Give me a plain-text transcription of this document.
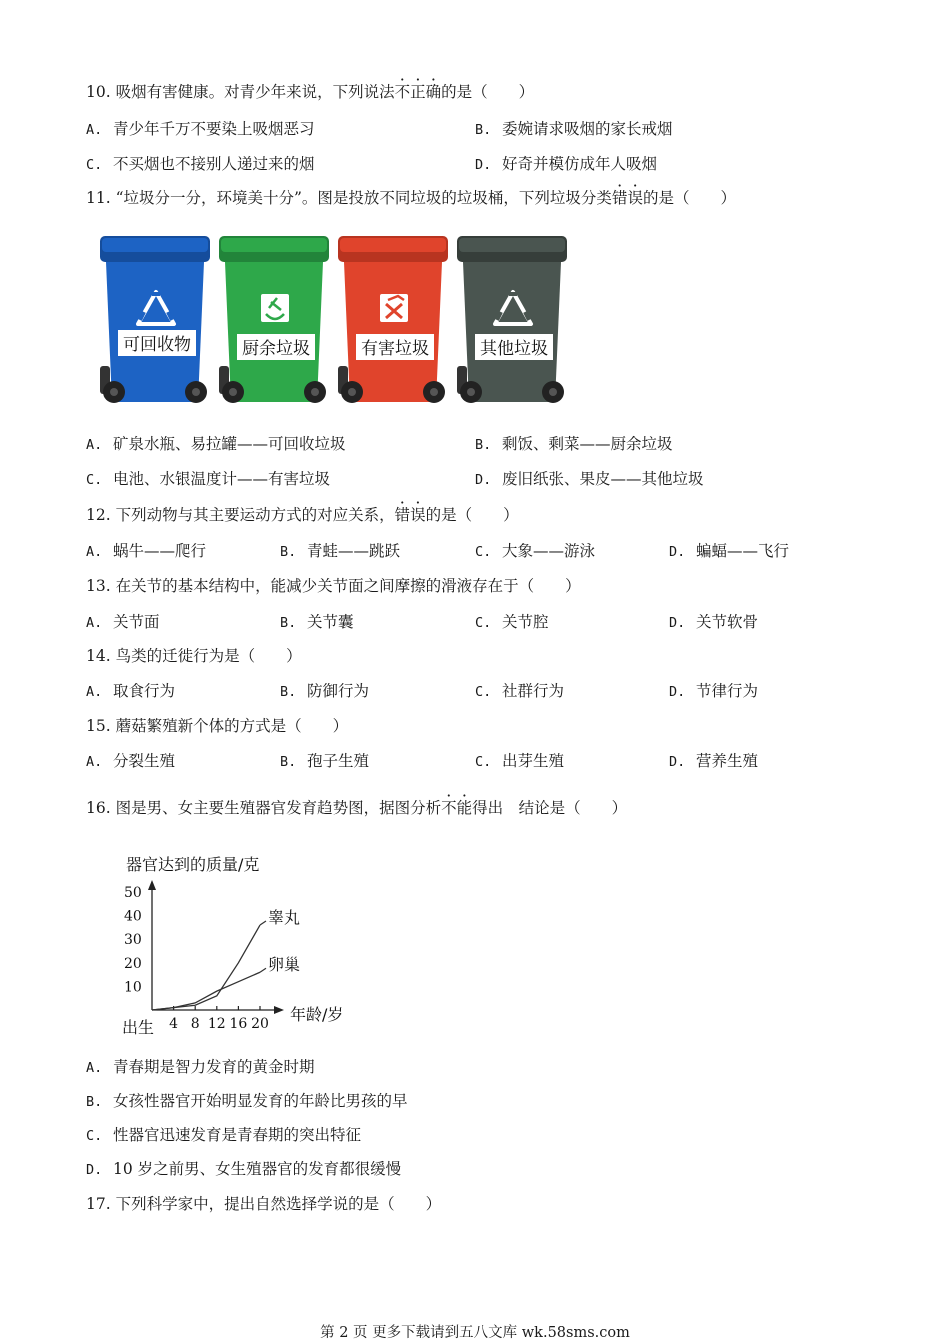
10. 吸烟有害健康。对青少年来说，下列说法不正确的是（　　）
A. 青少年千万不要染上吸烟恶习	B. 委婉请求吸烟的家长戒烟
C. 不买烟也不接别人递过来的烟	D. 好奇并模仿成年人吸烟
11. “垃圾分一分，环境美十分”。图是投放不同垃圾的垃圾桶，下列垃圾分类错误的是（　　）
可回收物	厨余垃圾	有害垃圾	其他垃圾
A. 矿泉水瓶、易拉罐——可回收垃圾	B. 剩饭、剩菜——厨余垃圾
C. 电池、水银温度计——有害垃圾	D. 废旧纸张、果皮——其他垃圾
12. 下列动物与其主要运动方式的对应关系，错误的是（　　）
A. 蜗牛——爬行	B. 青蛙——跳跃	C. 大象——游泳	D. 蝙蝠——飞行
13. 在关节的基本结构中，能减少关节面之间摩擦的滑液存在于（　　）
A. 关节面	B. 关节囊	C. 关节腔	D. 关节软骨
14. 鸟类的迁徙行为是（　　）
A. 取食行为	B. 防御行为	C. 社群行为	D. 节律行为
15. 蘑菇繁殖新个体的方式是（　　）
A. 分裂生殖	B. 孢子生殖	C. 出芽生殖	D. 营养生殖
16. 图是男、女主要生殖器官发育趋势图，据图分析不能得出　结论是（　　）
器官达到的质量/克
10
20
30
40
50
4 8 12 16 20
睾丸
卵巢
出生
年龄/岁
A. 青春期是智力发育的黄金时期
B. 女孩性器官开始明显发育的年龄比男孩的早
C. 性器官迅速发育是青春期的突出特征
D. 10 岁之前男、女生殖器官的发育都很缓慢
17. 下列科学家中，提出自然选择学说的是（　　）
第 2 页 更多下载请到五八文库 wk.58sms.com
